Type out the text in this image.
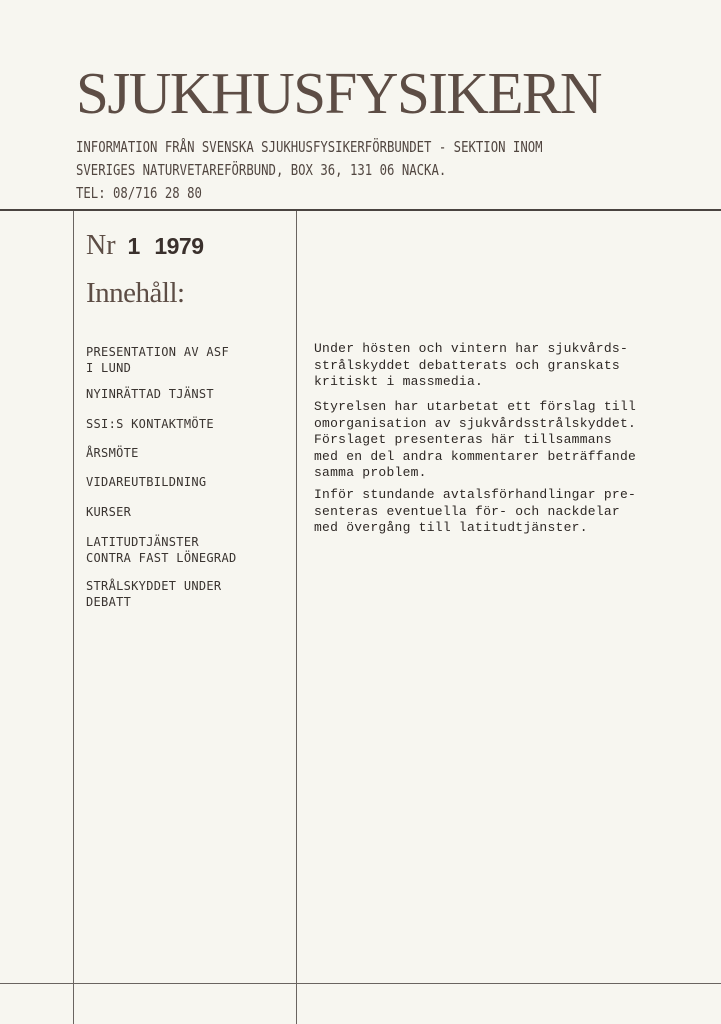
SJUKHUSFYSIKERN
INFORMATION FRÅN SVENSKA SJUKHUSFYSIKERFÖRBUNDET - SEKTION INOM
SVERIGES NATURVETAREFÖRBUND, BOX 36, 131 06 NACKA.
TEL: 08/716 28 80
Nr 1 1979
Innehåll:
PRESENTATION AV ASF
I LUND
NYINRÄTTAD TJÄNST
SSI:S KONTAKTMÖTE
ÅRSMÖTE
VIDAREUTBILDNING
KURSER
LATITUDTJÄNSTER
CONTRA FAST LÖNEGRAD
STRÅLSKYDDET UNDER
DEBATT
Under hösten och vintern har sjukvårds-
strålskyddet debatterats och granskats
kritiskt i massmedia.
Styrelsen har utarbetat ett förslag till
omorganisation av sjukvårdsstrålskyddet.
Förslaget presenteras här tillsammans
med en del andra kommentarer beträffande
samma problem.
Inför stundande avtalsförhandlingar pre-
senteras eventuella för- och nackdelar
med övergång till latitudtjänster.
